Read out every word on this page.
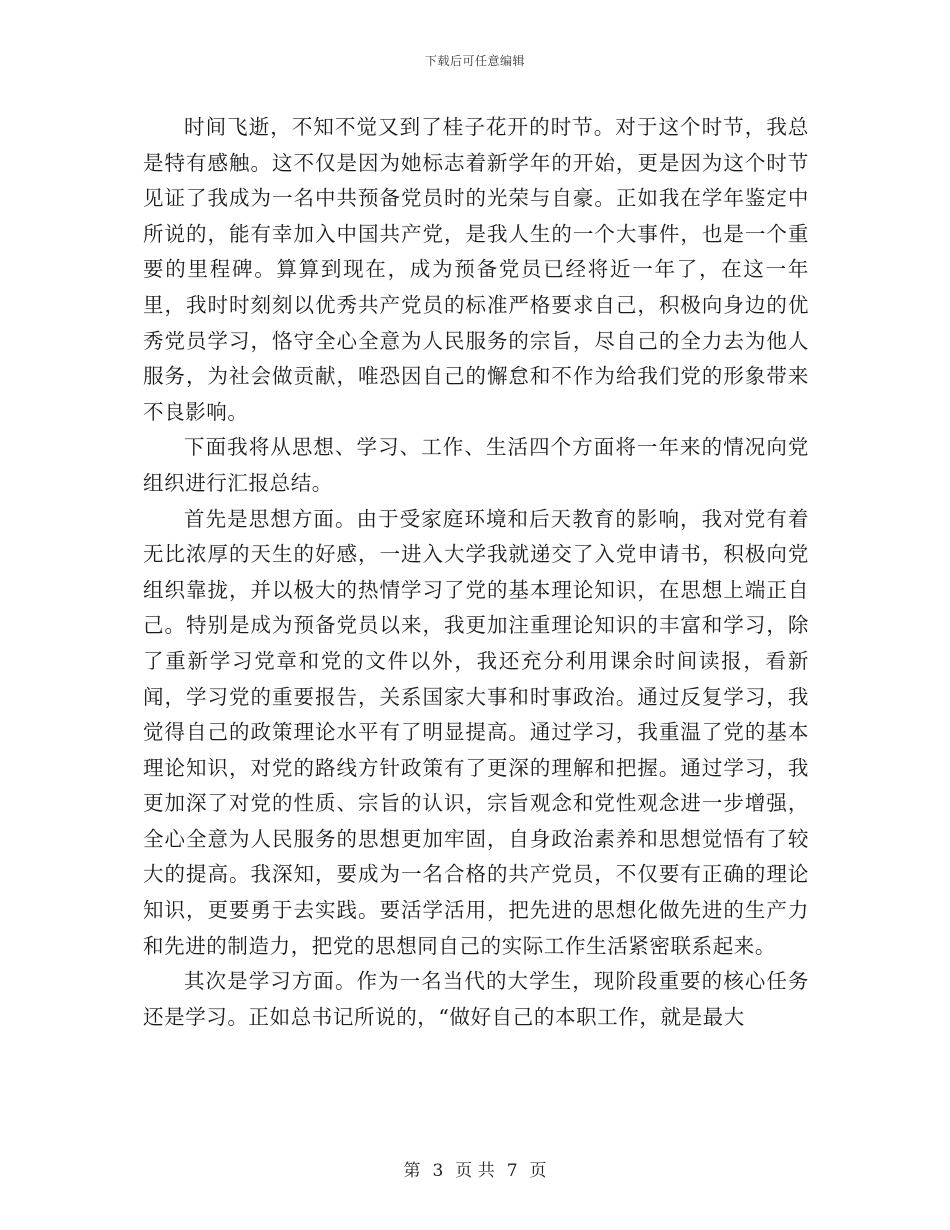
下载后可任意编辑

时间飞逝，不知不觉又到了桂子花开的时节。对于这个时节，我总是特有感触。这不仅是因为她标志着新学年的开始，更是因为这个时节见证了我成为一名中共预备党员时的光荣与自豪。正如我在学年鉴定中所说的，能有幸加入中国共产党，是我人生的一个大事件，也是一个重要的里程碑。算算到现在，成为预备党员已经将近一年了，在这一年里，我时时刻刻以优秀共产党员的标准严格要求自己，积极向身边的优秀党员学习，恪守全心全意为人民服务的宗旨，尽自己的全力去为他人服务，为社会做贡献，唯恐因自己的懈怠和不作为给我们党的形象带来不良影响。

下面我将从思想、学习、工作、生活四个方面将一年来的情况向党组织进行汇报总结。

首先是思想方面。由于受家庭环境和后天教育的影响，我对党有着无比浓厚的天生的好感，一进入大学我就递交了入党申请书，积极向党组织靠拢，并以极大的热情学习了党的基本理论知识，在思想上端正自己。特别是成为预备党员以来，我更加注重理论知识的丰富和学习，除了重新学习党章和党的文件以外，我还充分利用课余时间读报，看新闻，学习党的重要报告，关系国家大事和时事政治。通过反复学习，我觉得自己的政策理论水平有了明显提高。通过学习，我重温了党的基本理论知识，对党的路线方针政策有了更深的理解和把握。通过学习，我更加深了对党的性质、宗旨的认识，宗旨观念和党性观念进一步增强，全心全意为人民服务的思想更加牢固，自身政治素养和思想觉悟有了较大的提高。我深知，要成为一名合格的共产党员，不仅要有正确的理论知识，更要勇于去实践。要活学活用，把先进的思想化做先进的生产力和先进的制造力，把党的思想同自己的实际工作生活紧密联系起来。

其次是学习方面。作为一名当代的大学生，现阶段重要的核心任务还是学习。正如总书记所说的，“做好自己的本职工作，就是最大

第 3 页 共 7 页
